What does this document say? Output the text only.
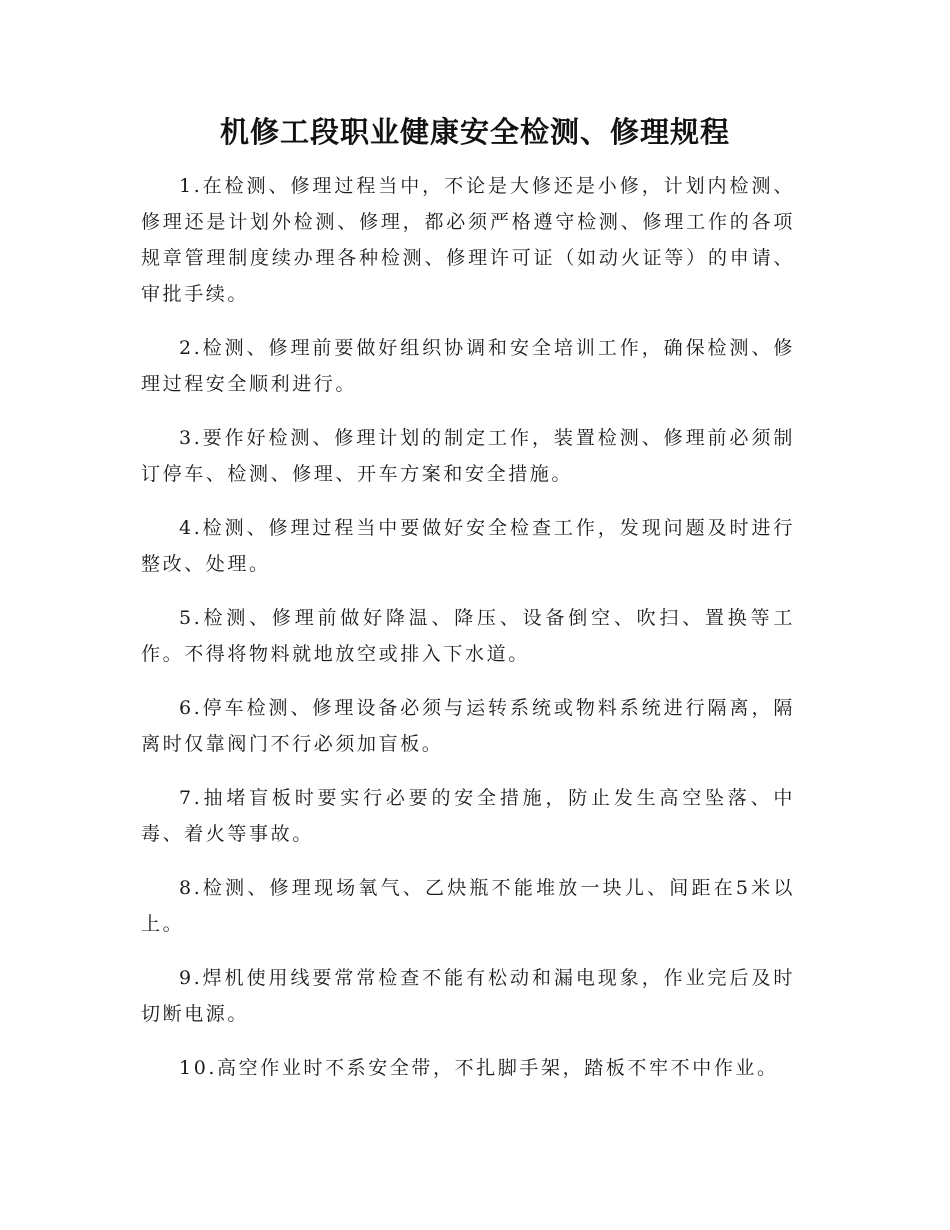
机修工段职业健康安全检测、修理规程

1.在检测、修理过程当中，不论是大修还是小修，计划内检测、修理还是计划外检测、修理，都必须严格遵守检测、修理工作的各项规章管理制度续办理各种检测、修理许可证（如动火证等）的申请、审批手续。

2.检测、修理前要做好组织协调和安全培训工作，确保检测、修理过程安全顺利进行。

3.要作好检测、修理计划的制定工作，装置检测、修理前必须制订停车、检测、修理、开车方案和安全措施。

4.检测、修理过程当中要做好安全检查工作，发现问题及时进行整改、处理。

5.检测、修理前做好降温、降压、设备倒空、吹扫、置换等工作。不得将物料就地放空或排入下水道。

6.停车检测、修理设备必须与运转系统或物料系统进行隔离，隔离时仅靠阀门不行必须加盲板。

7.抽堵盲板时要实行必要的安全措施，防止发生高空坠落、中毒、着火等事故。

8.检测、修理现场氧气、乙炔瓶不能堆放一块儿、间距在5米以上。

9.焊机使用线要常常检查不能有松动和漏电现象，作业完后及时切断电源。

10.高空作业时不系安全带，不扎脚手架，踏板不牢不中作业。
